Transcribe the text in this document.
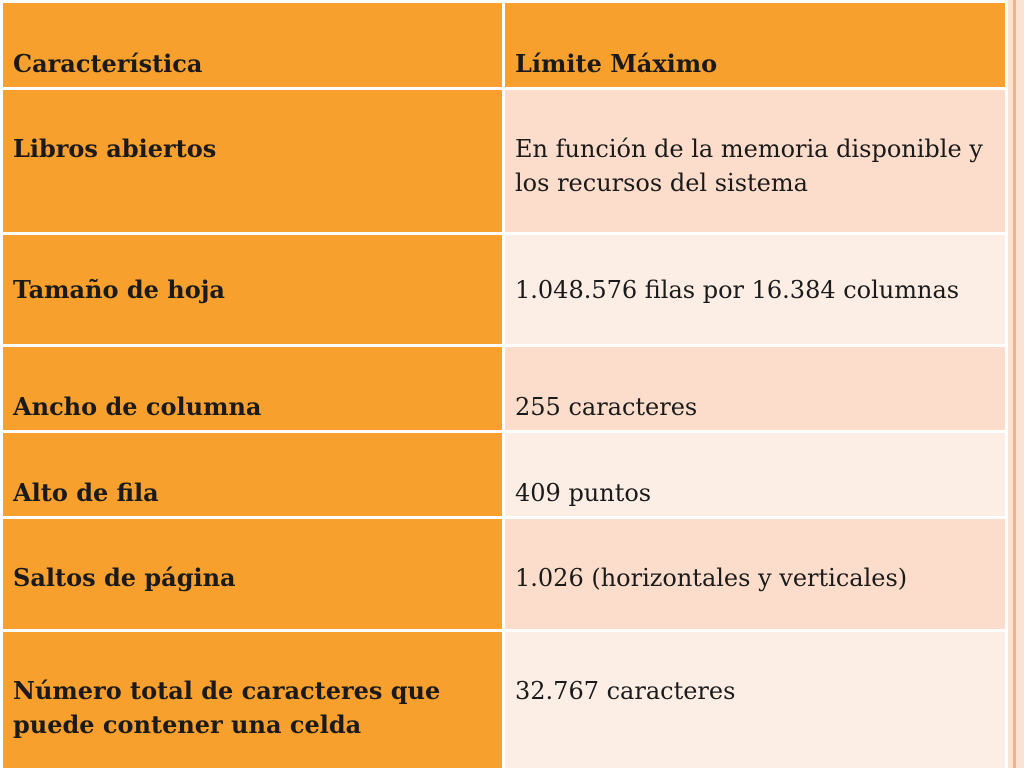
Característica	Límite Máximo
Libros abiertos	En función de la memoria disponible y los recursos del sistema
Tamaño de hoja	1.048.576 filas por 16.384 columnas
Ancho de columna	255 caracteres
Alto de fila	409 puntos
Saltos de página	1.026 (horizontales y verticales)
Número total de caracteres que puede contener una celda	32.767 caracteres
